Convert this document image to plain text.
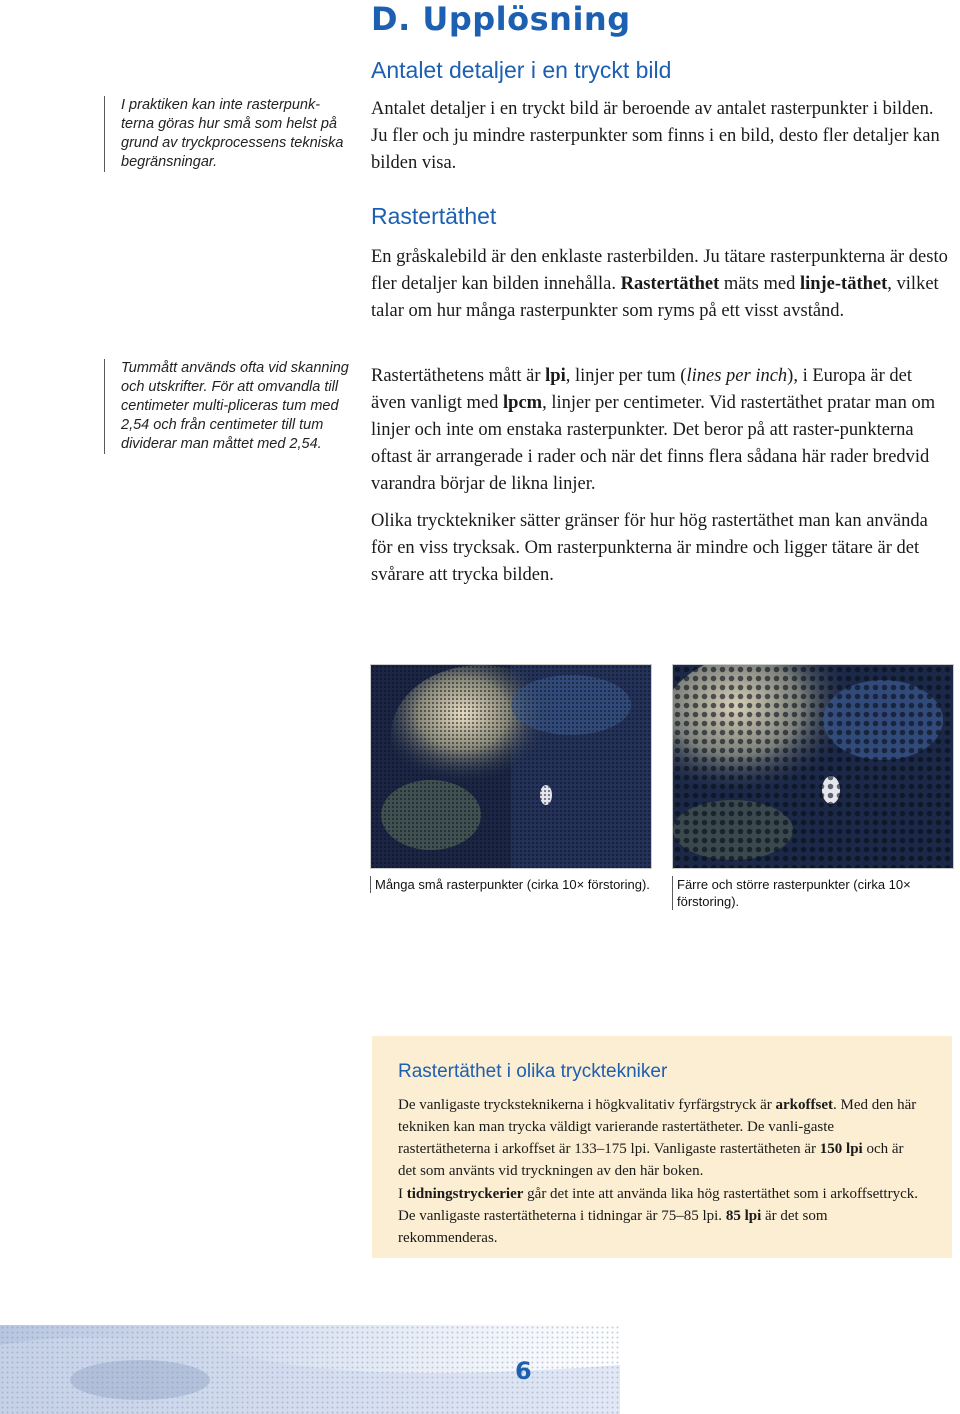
D. Upplösning
I praktiken kan inte rasterpunk-terna göras hur små som helst på grund av tryckprocessens tekniska begränsningar.
Tummått används ofta vid skanning och utskrifter. För att omvandla till centimeter multi-pliceras tum med 2,54 och från centimeter till tum dividerar man måttet med 2,54.
Antalet detaljer i en tryckt bild

Antalet detaljer i en tryckt bild är beroende av antalet rasterpunkter i bilden. Ju fler och ju mindre rasterpunkter som finns i en bild, desto fler detaljer kan bilden visa.

Rastertäthet

En gråskalebild är den enklaste rasterbilden. Ju tätare rasterpunkterna är desto fler detaljer kan bilden innehålla. Rastertäthet mäts med linje-täthet, vilket talar om hur många rasterpunkter som ryms på ett visst avstånd.

Rastertäthetens mått är lpi, linjer per tum (lines per inch), i Europa är det även vanligt med lpcm, linjer per centimeter. Vid rastertäthet pratar man om linjer och inte om enstaka rasterpunkter. Det beror på att raster-punkterna oftast är arrangerade i rader och när det finns flera sådana här rader bredvid varandra börjar de likna linjer.

Olika trycktekniker sätter gränser för hur hög rastertäthet man kan använda för en viss trycksak. Om rasterpunkterna är mindre och ligger tätare är det svårare att trycka bilden.

Många små rasterpunkter (cirka 10× förstoring).	Färre och större rasterpunkter (cirka 10× förstoring).
Rastertäthet i olika trycktekniker

De vanligaste trycksteknikerna i högkvalitativ fyrfärgstryck är arkoffset. Med den här tekniken kan man trycka väldigt varierande rastertätheter. De vanli-gaste rastertätheterna i arkoffset är 133–175 lpi. Vanligaste rastertätheten är 150 lpi och är det som använts vid tryckningen av den här boken.

I tidningstryckerier går det inte att använda lika hög rastertäthet som i arkoffsettryck. De vanligaste rastertätheterna i tidningar är 75–85 lpi. 85 lpi är det som rekommenderas.

6
